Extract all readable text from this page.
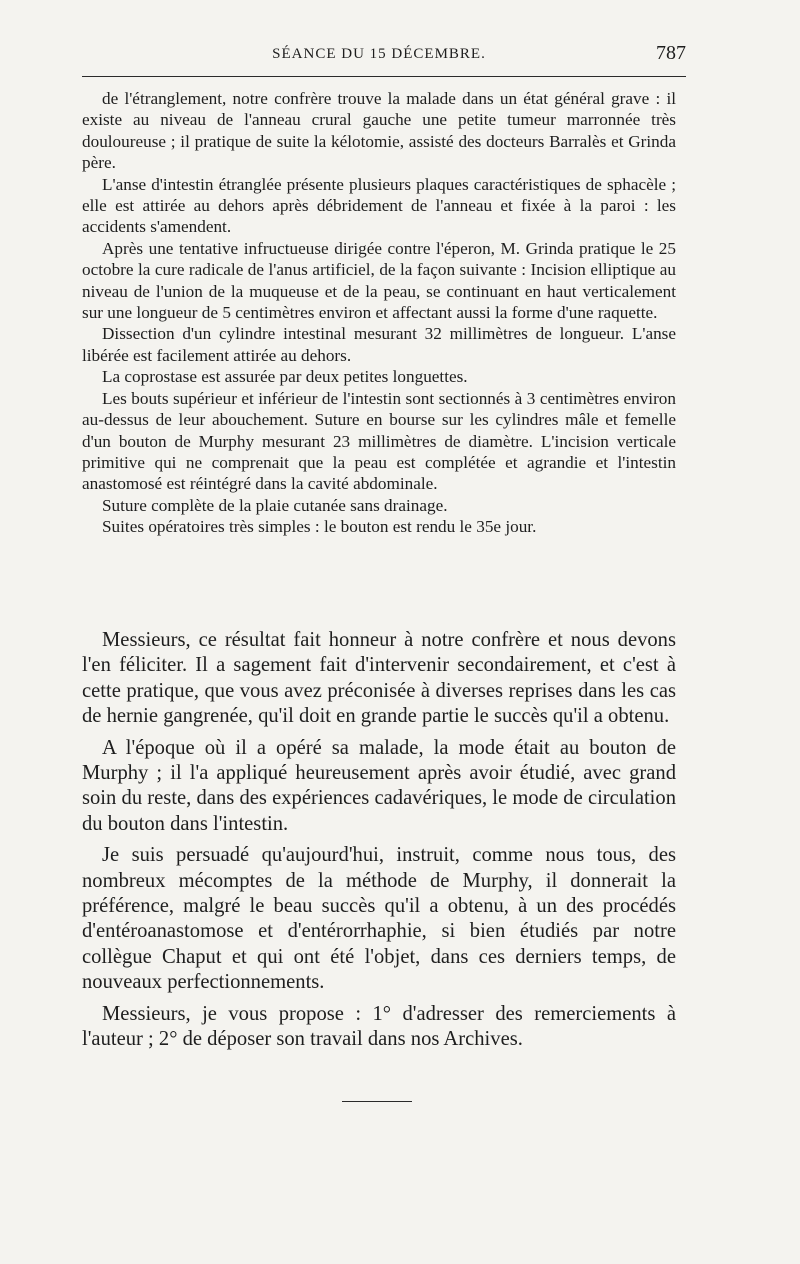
SÉANCE DU 15 DÉCEMBRE.	787

de l'étranglement, notre confrère trouve la malade dans un état général grave : il existe au niveau de l'anneau crural gauche une petite tumeur marronnée très douloureuse ; il pratique de suite la kélotomie, assisté des docteurs Barralès et Grinda père.

L'anse d'intestin étranglée présente plusieurs plaques caractéristiques de sphacèle ; elle est attirée au dehors après débridement de l'anneau et fixée à la paroi : les accidents s'amendent.

Après une tentative infructueuse dirigée contre l'éperon, M. Grinda pratique le 25 octobre la cure radicale de l'anus artificiel, de la façon suivante : Incision elliptique au niveau de l'union de la muqueuse et de la peau, se continuant en haut verticalement sur une longueur de 5 centimètres environ et affectant aussi la forme d'une raquette.

Dissection d'un cylindre intestinal mesurant 32 millimètres de longueur. L'anse libérée est facilement attirée au dehors.

La coprostase est assurée par deux petites longuettes.

Les bouts supérieur et inférieur de l'intestin sont sectionnés à 3 centimètres environ au-dessus de leur abouchement. Suture en bourse sur les cylindres mâle et femelle d'un bouton de Murphy mesurant 23 millimètres de diamètre. L'incision verticale primitive qui ne comprenait que la peau est complétée et agrandie et l'intestin anastomosé est réintégré dans la cavité abdominale.

Suture complète de la plaie cutanée sans drainage.

Suites opératoires très simples : le bouton est rendu le 35e jour.

Messieurs, ce résultat fait honneur à notre confrère et nous devons l'en féliciter. Il a sagement fait d'intervenir secondairement, et c'est à cette pratique, que vous avez préconisée à diverses reprises dans les cas de hernie gangrenée, qu'il doit en grande partie le succès qu'il a obtenu.

A l'époque où il a opéré sa malade, la mode était au bouton de Murphy ; il l'a appliqué heureusement après avoir étudié, avec grand soin du reste, dans des expériences cadavériques, le mode de circulation du bouton dans l'intestin.

Je suis persuadé qu'aujourd'hui, instruit, comme nous tous, des nombreux mécomptes de la méthode de Murphy, il donnerait la préférence, malgré le beau succès qu'il a obtenu, à un des procédés d'entéroanastomose et d'entérorrhaphie, si bien étudiés par notre collègue Chaput et qui ont été l'objet, dans ces derniers temps, de nouveaux perfectionnements.

Messieurs, je vous propose : 1° d'adresser des remerciements à l'auteur ; 2° de déposer son travail dans nos Archives.
